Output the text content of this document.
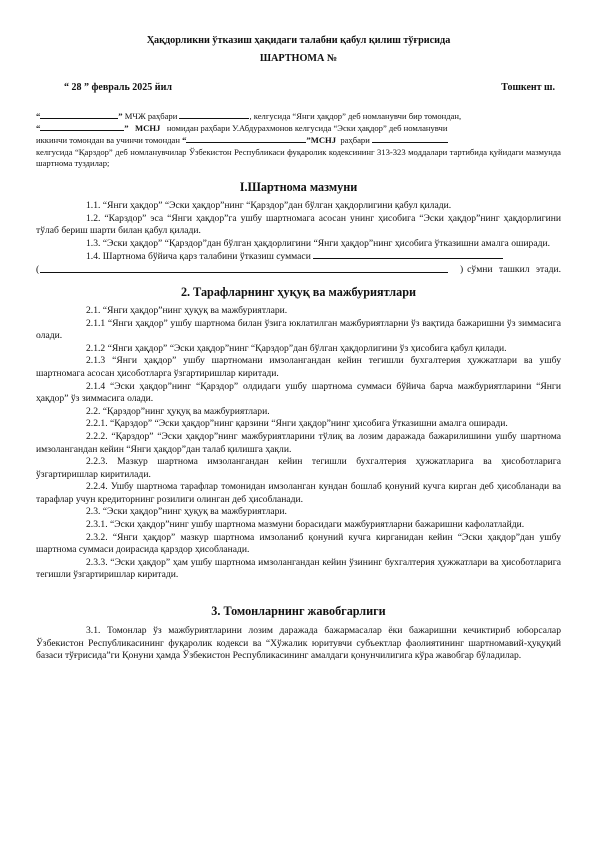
Ҳақдорликни ўтказиш ҳақидаги талабни қабул қилиш тўғрисида
ШАРТНОМА №
“ 28 ” февраль 2025 йил	Тошкент ш.
“	” МЧЖ раҳбари	, келгусида “Янги ҳақдор” деб номланувчи бир томондан,
“	” MCHJ номидан раҳбари У.Абдурахмонов келгусида “Эски ҳақдор” деб номланувчи
иккинчи томондан ва учинчи томондан “	”MCHJ раҳбари
келгусида “Қарздор” деб номланувчилар Ўзбекистон Республикаси фуқаролик кодексининг 313-323 моддалари тартибида қуйидаги мазмунда шартнома туздилар;
I.Шартнома мазмуни

1.1. “Янги ҳақдор” “Эски ҳақдор”нинг “Қарздор”дан бўлган ҳақдорлигини қабул қилади.

1.2. “Карздор” эса “Янги ҳақдор”га ушбу шартномага асосан унинг ҳисобига “Эски ҳақдор”нинг ҳақдорлигини тўлаб бериш шарти билан қабул қилади.

1.3. “Эски ҳақдор” “Қарздор”дан бўлган ҳақдорлигини “Янги ҳақдор”нинг ҳисобига ўтказишни амалга оширади.

1.4. Шартнома бўйича қарз талабини ўтказиш суммаси

(	) сўмни ташкил этади.
2. Тарафларнинг ҳуқуқ ва мажбуриятлари

2.1. “Янги ҳақдор”нинг ҳуқуқ ва мажбуриятлари.

2.1.1 “Янги ҳақдор” ушбу шартнома билан ўзига юклатилган мажбуриятларни ўз вақтида бажаришни ўз зиммасига олади.

2.1.2 “Янги ҳақдор” “Эски ҳақдор”нинг “Қарздор”дан бўлган ҳақдорлигини ўз ҳисобига қабул қилади.

2.1.3 “Янги ҳақдор” ушбу шартномани имзолангандан кейин тегишли бухгалтерия ҳужжатлари ва ушбу шартномага асосан ҳисоботларга ўзгартиришлар киритади.

2.1.4 “Эски ҳақдор”нинг “Қарздор” олдидаги ушбу шартнома суммаси бўйича барча мажбуриятларини “Янги ҳақдор” ўз зиммасига олади.

2.2. “Қарздор”нинг ҳуқуқ ва мажбуриятлари.

2.2.1. “Қарздор” “Эски ҳақдор”нинг қарзини “Янги ҳақдор”нинг ҳисобига ўтказишни амалга оширади.

2.2.2. “Қарздор” “Эски ҳақдор”нинг мажбуриятларини тўлиқ ва лозим даражада бажарилишини ушбу шартнома имзолангандан кейин “Янги ҳақдор”дан талаб қилишга ҳақли.

2.2.3. Мазкур шартнома имзолангандан кейин тегишли бухгалтерия ҳужжатларига ва ҳисоботларига ўзгартиришлар киритилади.

2.2.4. Ушбу шартнома тарафлар томонидан имзоланган кундан бошлаб қонуний кучга кирган деб ҳисобланади ва тарафлар учун кредиторнинг розилиги олинган деб ҳисобланади.

2.3. “Эски ҳақдор”нинг ҳуқуқ ва мажбуриятлари.

2.3.1. “Эски ҳақдор”нинг ушбу шартнома мазмуни борасидаги мажбуриятларни бажаришни кафолатлайди.

2.3.2. “Янги ҳақдор” мазкур шартнома имзоланиб қонуний кучга кирганидан кейин “Эски ҳақдор”дан ушбу шартнома суммаси доирасида қарздор ҳисобланади.

2.3.3. “Эски ҳақдор” ҳам ушбу шартнома имзолангандан кейин ўзининг бухгалтерия ҳужжатлари ва ҳисоботларига тегишли ўзгартиришлар киритади.

3. Томонларнинг жавобгарлиги

3.1. Томонлар ўз мажбуриятларини лозим даражада бажармасалар ёки бажаришни кечиктириб юборсалар Ўзбекистон Республикасининг фуқаролик кодекси ва “Хўжалик юритувчи субъектлар фаолиятининг шартномавий-ҳуқуқий базаси тўғрисида”ги Қонуни ҳамда Ўзбекистон Республикасининг амалдаги қонунчилигига кўра жавобгар бўладилар.
